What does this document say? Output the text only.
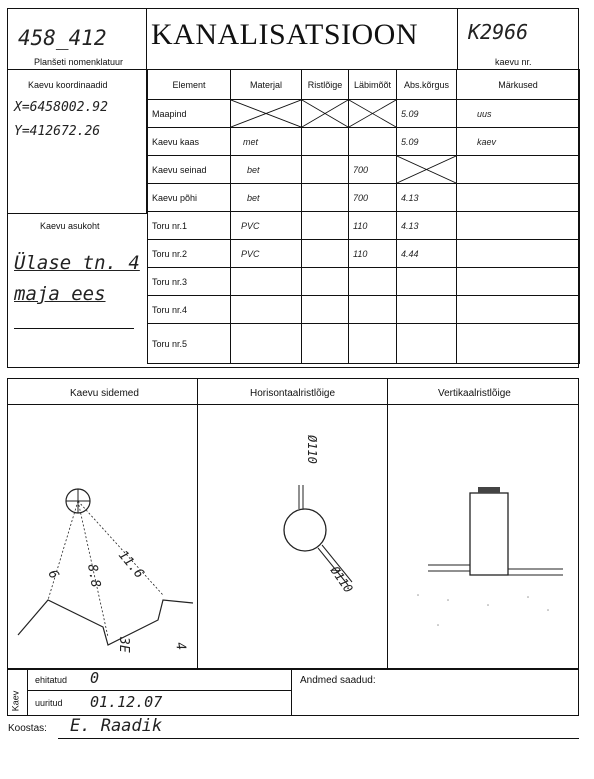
458_412
Planšeti nomenklatuur
KANALISATSIOON	K2966
kaevu nr.
Kaevu koordinaadid
X=6458002.92
Y=412672.26
Kaevu asukoht
Ülase tn. 4
maja ees
Element	Materjal	Ristlõige	Läbimõõt	Abs.kõrgus	Märkused
Maapind				5.09	uus
Kaevu kaas	met			5.09	kaev
Kaevu seinad	bet		700	

Kaevu põhi	bet		700	4.13	
Toru nr.1	PVC		110	4.13	
Toru nr.2	PVC		110	4.44	
Toru nr.3					
Toru nr.4					
Toru nr.5					
Kaevu sidemed	Horisontaalristlõige	Vertikaalristlõige
11.6
8.8
6
4
3E
Ø110
Ø110
Kaev
ehitatud 0
uuritud 01.12.07
Andmed saadud:
Koostas: E. Raadik
